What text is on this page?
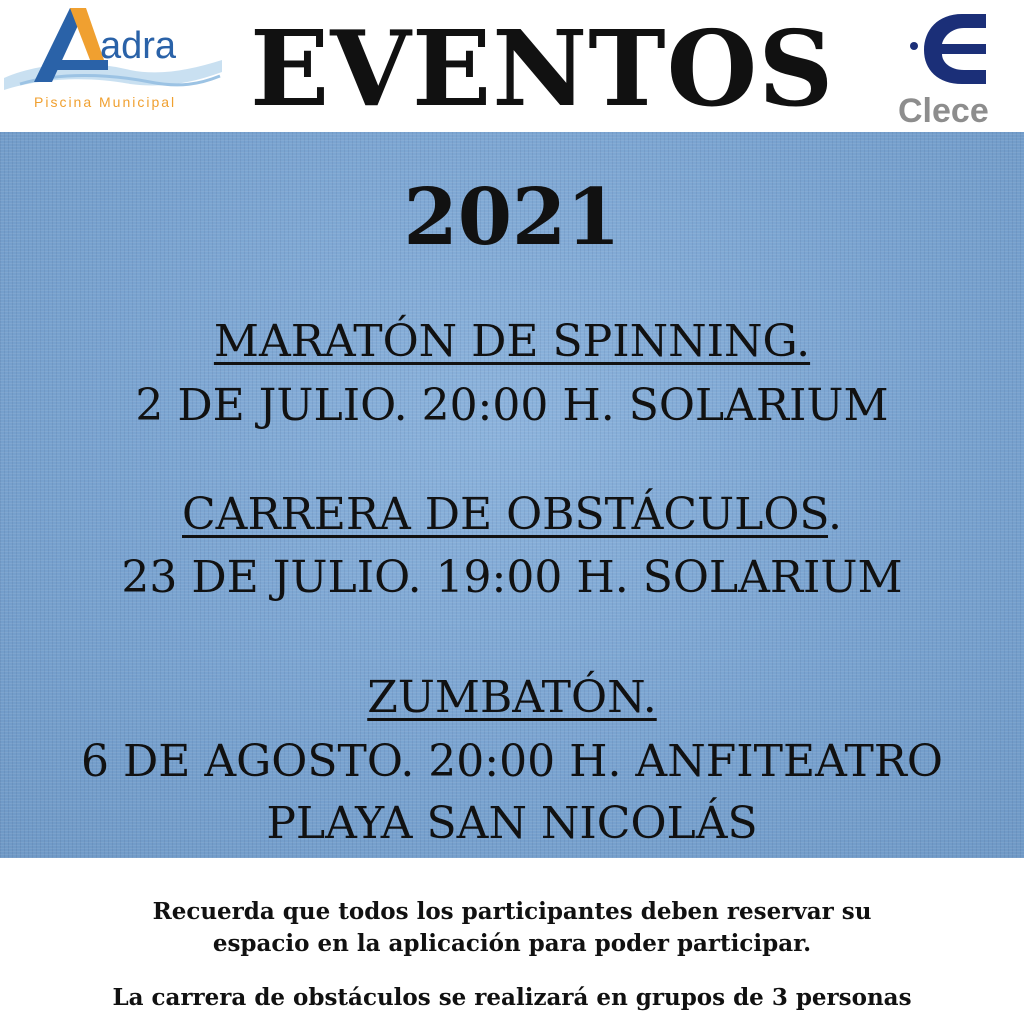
adra
Piscina Municipal EVENTOS Clece
2021
MARATÓN DE SPINNING.
2 DE JULIO. 20:00 H. SOLARIUM
CARRERA DE OBSTÁCULOS.
23 DE JULIO. 19:00 H. SOLARIUM
ZUMBATÓN.
6 DE AGOSTO. 20:00 H. ANFITEATRO
PLAYA SAN NICOLÁS
Recuerda que todos los participantes deben reservar su
espacio en la aplicación para poder participar.
La carrera de obstáculos se realizará en grupos de 3 personas
